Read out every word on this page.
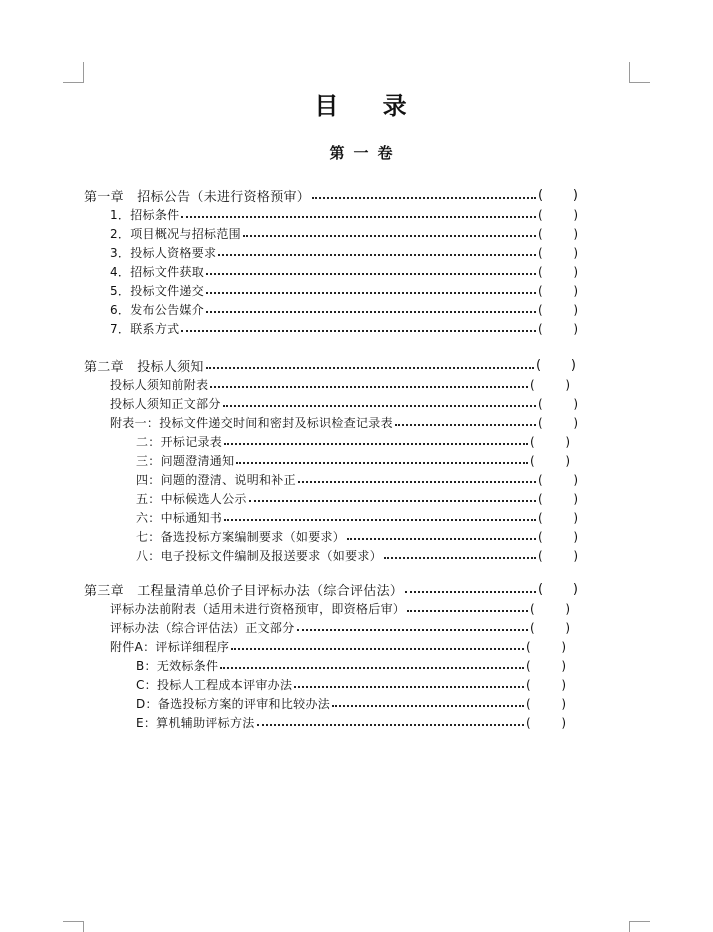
目 录
第一卷
第一章　招标公告（未进行资格预审）	( )
1．招标条件	(	)
2．项目概况与招标范围	(	)
3．投标人资格要求	(	)
4．招标文件获取	(	)
5．投标文件递交	(	)
6．发布公告媒介	(	)
7．联系方式	(	)
第二章　投标人须知	( )
投标人须知前附表	(	)
投标人须知正文部分	(	)
附表一：投标文件递交时间和密封及标识检查记录表	(	)
二：开标记录表	(	)
三：问题澄清通知	(	)
四：问题的澄清、说明和补正	(	)
五：中标候选人公示	(	)
六：中标通知书	(	)
七：备选投标方案编制要求（如要求）	(	)
八：电子投标文件编制及报送要求（如要求）	(	)
第三章　工程量清单总价子目评标办法（综合评估法）	( )
评标办法前附表（适用未进行资格预审，即资格后审）	(	)
评标办法（综合评估法）正文部分	(	)
附件A：评标详细程序	(	)
B：无效标条件	(	)
C：投标人工程成本评审办法	(	)
D：备选投标方案的评审和比较办法	(	)
E：算机辅助评标方法	(	)
